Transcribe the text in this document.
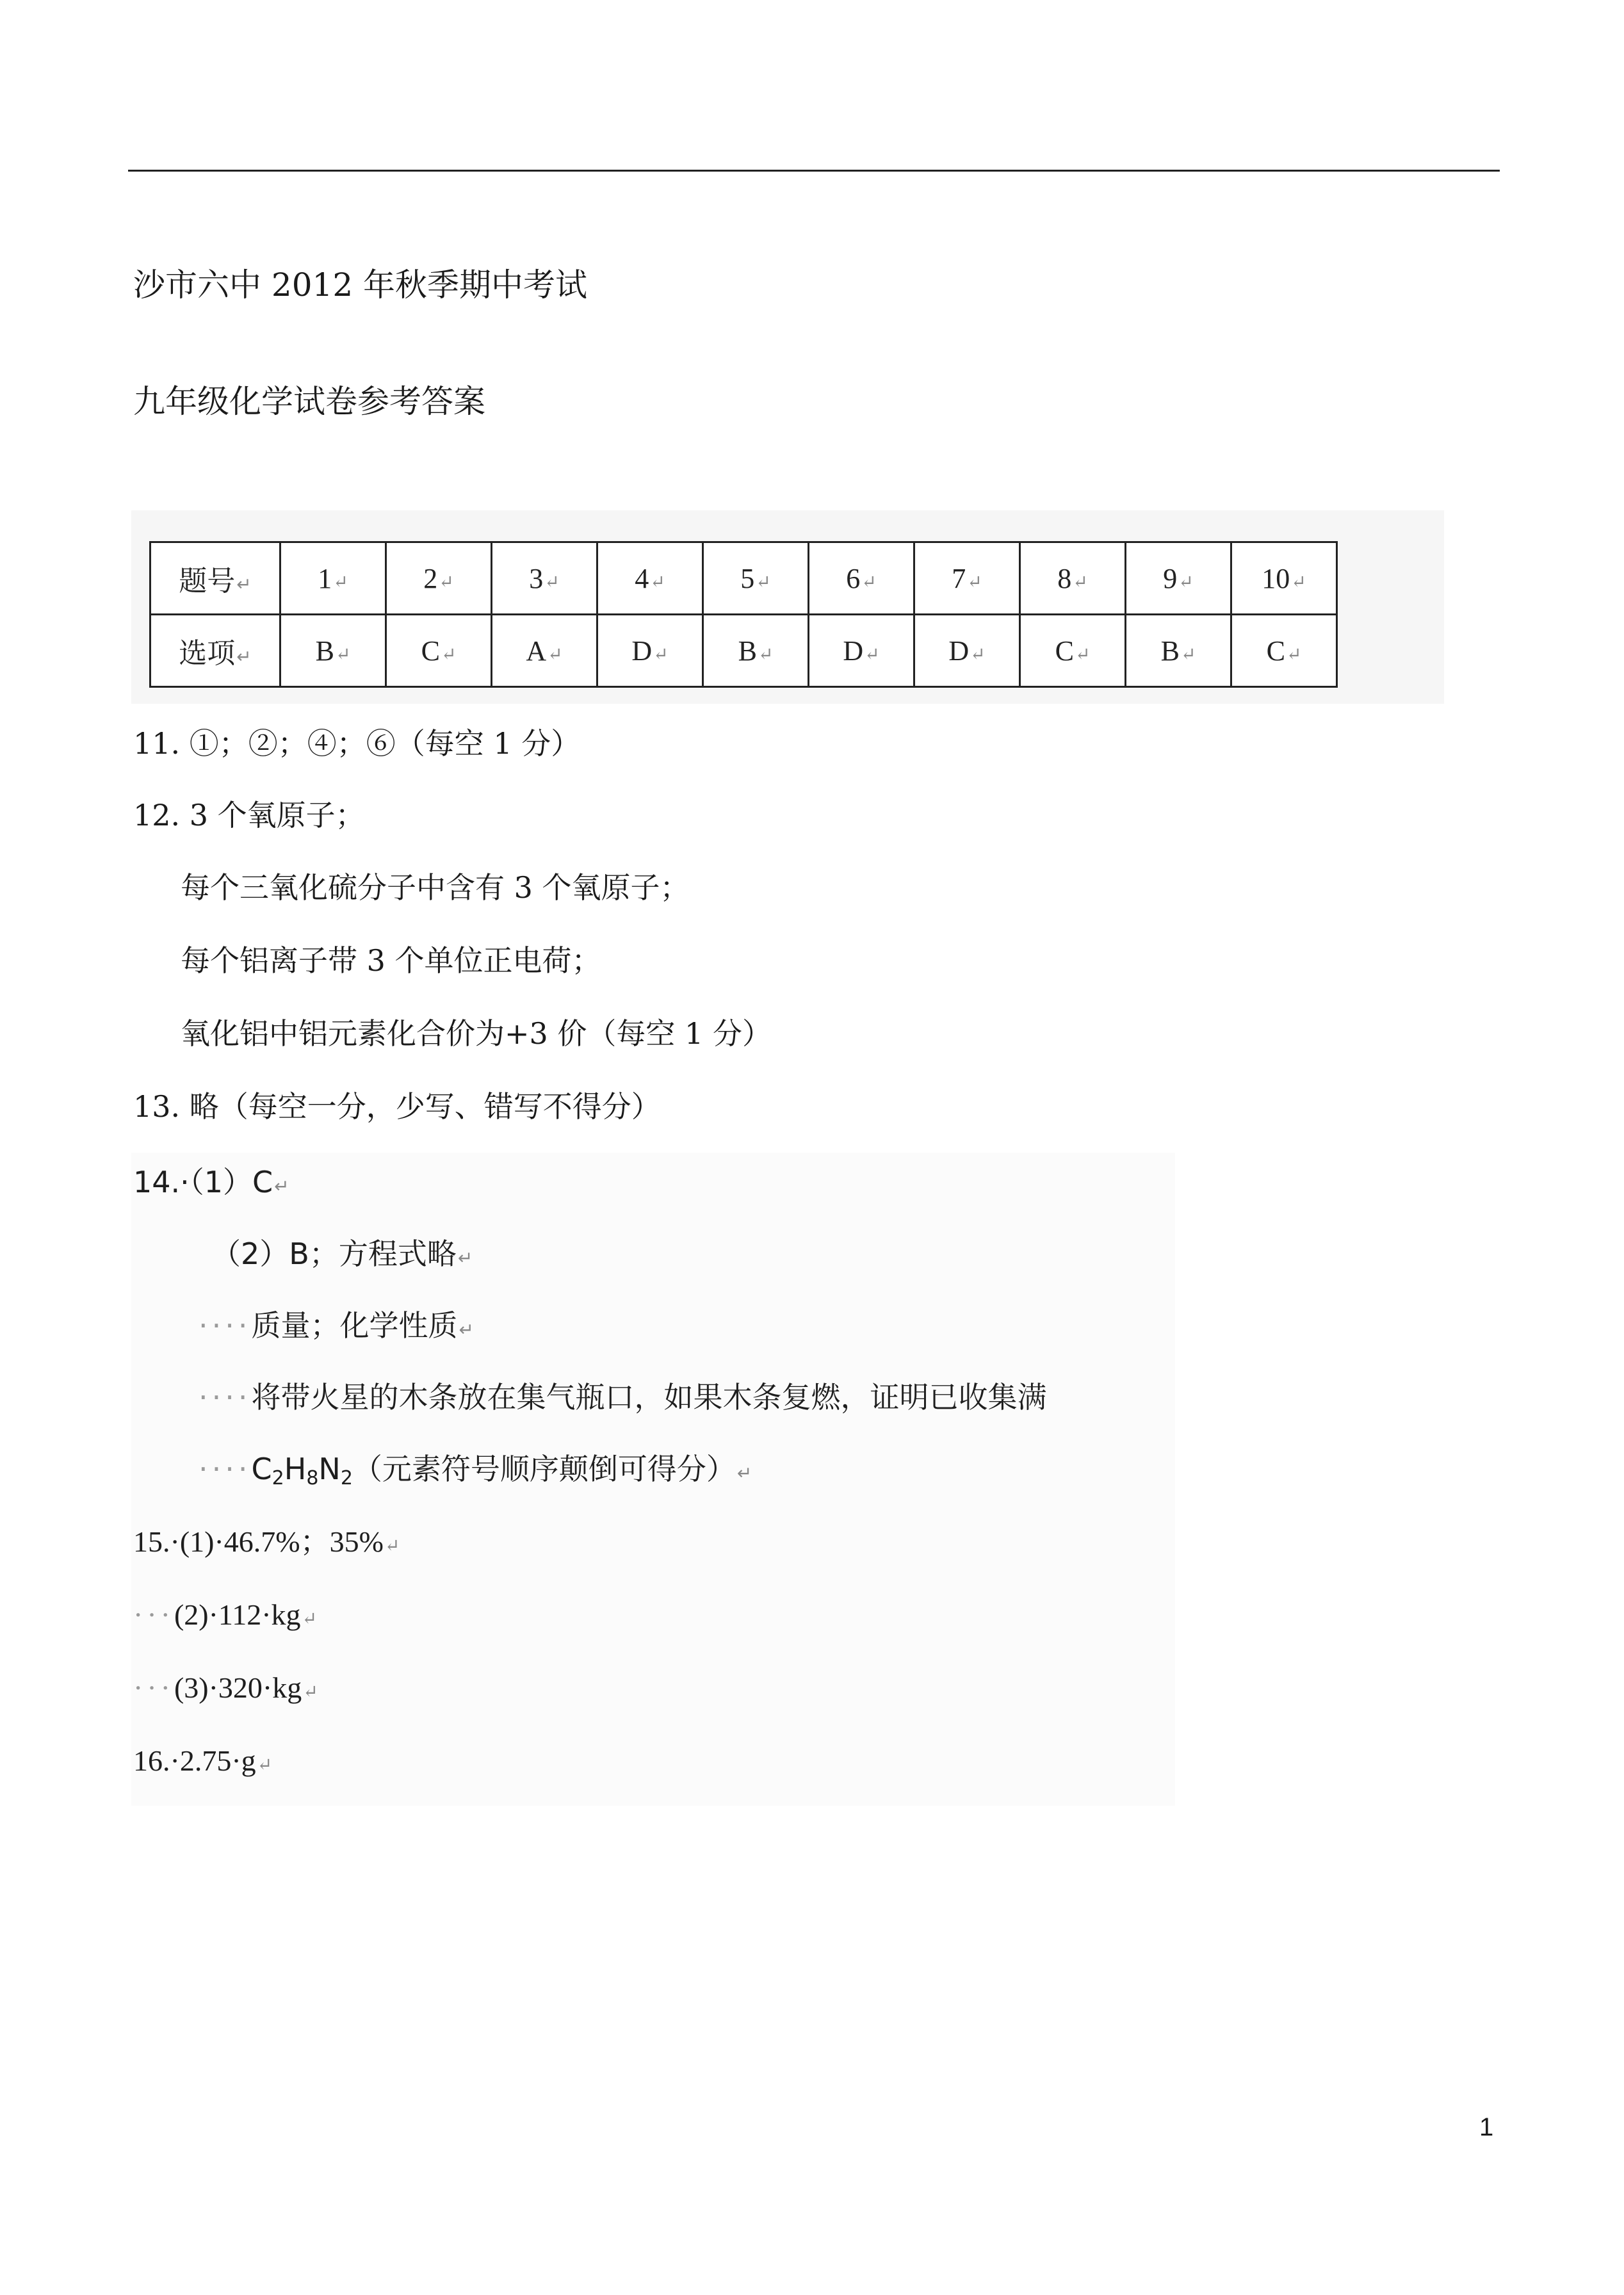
沙市六中 2012 年秋季期中考试
九年级化学试卷参考答案
题号↵	1↵	2↵	3↵	4↵	5↵	6↵	7↵	8↵	9↵	10↵
选项↵	B↵	C↵	A↵	D↵	B↵	D↵	D↵	C↵	B↵	C↵
11. ①；②；④；⑥（每空 1 分）
12. 3 个氧原子；
每个三氧化硫分子中含有 3 个氧原子；
每个铝离子带 3 个单位正电荷；
氧化铝中铝元素化合价为+3 价（每空 1 分）
13. 略（每空一分，少写、错写不得分）
14.·（1）C↵
（2）B；方程式略↵
····质量；化学性质↵
····将带火星的木条放在集气瓶口，如果木条复燃，证明已收集满
$\cdot\cdot\cdot\cdot C_2H_8N_2$（元素符号顺序颠倒可得分）↵
15.·(1)·46.7%；35%↵
···(2)·112·kg↵
···(3)·320·kg↵
16.·2.75·g↵
1
